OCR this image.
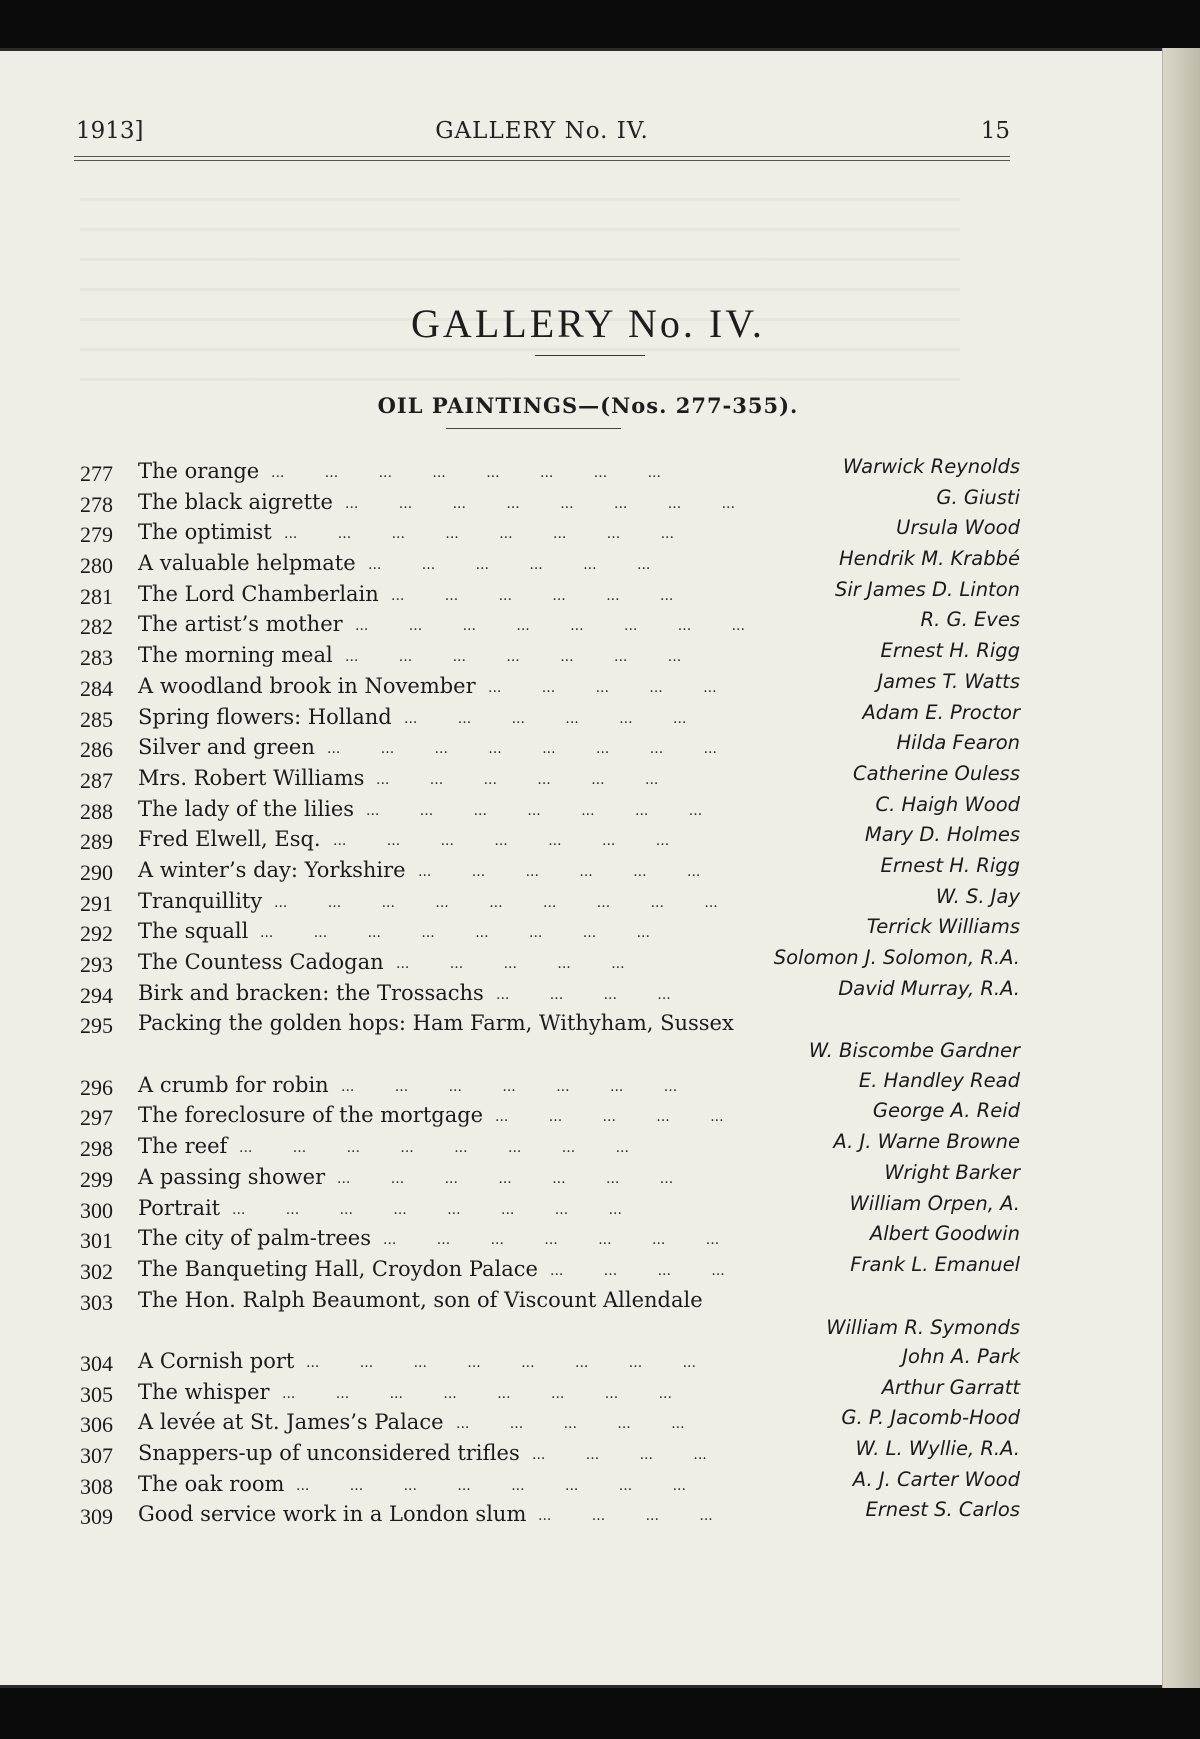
1913]	GALLERY No. IV.	15
GALLERY No. IV.
OIL PAINTINGS—(Nos. 277-355).
277	The orange	Warwick Reynolds
... ... ... ... ... ... ... ...
278	The black aigrette	G. Giusti
... ... ... ... ... ... ... ...
279	The optimist	Ursula Wood
... ... ... ... ... ... ... ...
280	A valuable helpmate	Hendrik M. Krabbé
... ... ... ... ... ...
281	The Lord Chamberlain	Sir James D. Linton
... ... ... ... ... ...
282	The artist’s mother	R. G. Eves
... ... ... ... ... ... ... ...
283	The morning meal	Ernest H. Rigg
... ... ... ... ... ... ...
284	A woodland brook in November	James T. Watts
... ... ... ... ...
285	Spring flowers: Holland	Adam E. Proctor
... ... ... ... ... ...
286	Silver and green	Hilda Fearon
... ... ... ... ... ... ... ...
287	Mrs. Robert Williams	Catherine Ouless
... ... ... ... ... ...
288	The lady of the lilies	C. Haigh Wood
... ... ... ... ... ... ...
289	Fred Elwell, Esq.	Mary D. Holmes
... ... ... ... ... ... ...
290	A winter’s day: Yorkshire	Ernest H. Rigg
... ... ... ... ... ...
291	Tranquillity	W. S. Jay
... ... ... ... ... ... ... ... ...
292	The squall	Terrick Williams
... ... ... ... ... ... ... ...
293	The Countess Cadogan	Solomon J. Solomon, R.A.
... ... ... ... ...
294	Birk and bracken: the Trossachs	David Murray, R.A.
... ... ... ...
295	Packing the golden hops: Ham Farm, Withyham, Sussex
W. Biscombe Gardner
296	A crumb for robin	E. Handley Read
... ... ... ... ... ... ...
297	The foreclosure of the mortgage	George A. Reid
... ... ... ... ...
298	The reef	A. J. Warne Browne
... ... ... ... ... ... ... ...
299	A passing shower	Wright Barker
... ... ... ... ... ... ...
300	Portrait	William Orpen, A.
... ... ... ... ... ... ... ...
301	The city of palm-trees	Albert Goodwin
... ... ... ... ... ... ...
302	The Banqueting Hall, Croydon Palace	Frank L. Emanuel
... ... ... ...
303	The Hon. Ralph Beaumont, son of Viscount Allendale
William R. Symonds
304	A Cornish port	John A. Park
... ... ... ... ... ... ... ...
305	The whisper	Arthur Garratt
... ... ... ... ... ... ... ...
306	A levée at St. James’s Palace	G. P. Jacomb-Hood
... ... ... ... ...
307	Snappers-up of unconsidered trifles	W. L. Wyllie, R.A.
... ... ... ...
308	The oak room	A. J. Carter Wood
... ... ... ... ... ... ... ...
309	Good service work in a London slum	Ernest S. Carlos
... ... ... ...
